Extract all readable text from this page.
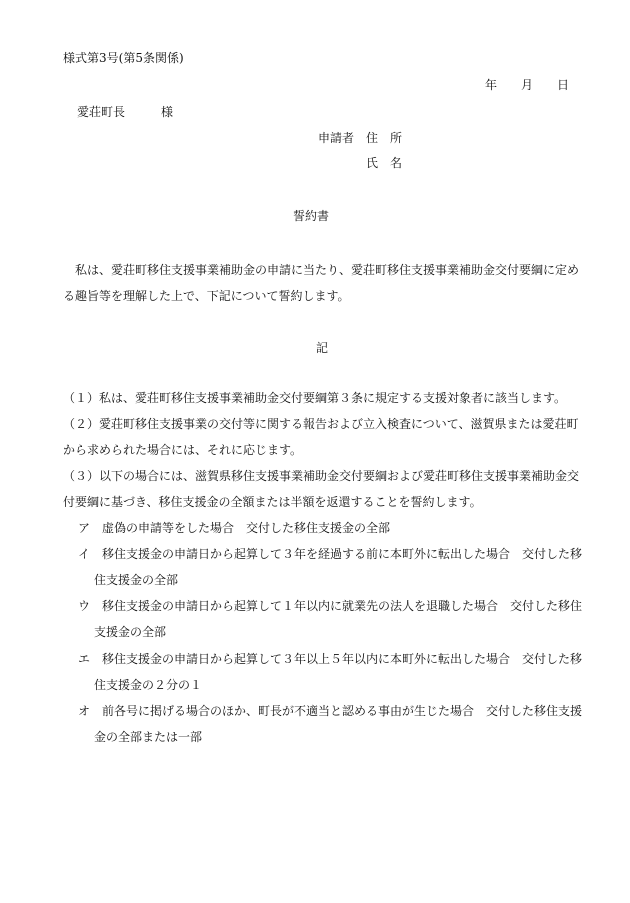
様式第3号(第5条関係)
年　　月　　日
愛荘町長　　　様
申請者　住　所
氏　名
誓約書
　私は、愛荘町移住支援事業補助金の申請に当たり、愛荘町移住支援事業補助金交付要綱に定め
る趣旨等を理解した上で、下記について誓約します。
記
（１）私は、愛荘町移住支援事業補助金交付要綱第３条に規定する支援対象者に該当します。
（２）愛荘町移住支援事業の交付等に関する報告および立入検査について、滋賀県または愛荘町
から求められた場合には、それに応じます。
（３）以下の場合には、滋賀県移住支援事業補助金交付要綱および愛荘町移住支援事業補助金交
付要綱に基づき、移住支援金の全額または半額を返還することを誓約します。
ア　虚偽の申請等をした場合　交付した移住支援金の全部
イ　移住支援金の申請日から起算して３年を経過する前に本町外に転出した場合　交付した移
住支援金の全部
ウ　移住支援金の申請日から起算して１年以内に就業先の法人を退職した場合　交付した移住
支援金の全部
エ　移住支援金の申請日から起算して３年以上５年以内に本町外に転出した場合　交付した移
住支援金の２分の１
オ　前各号に掲げる場合のほか、町長が不適当と認める事由が生じた場合　交付した移住支援
金の全部または一部
